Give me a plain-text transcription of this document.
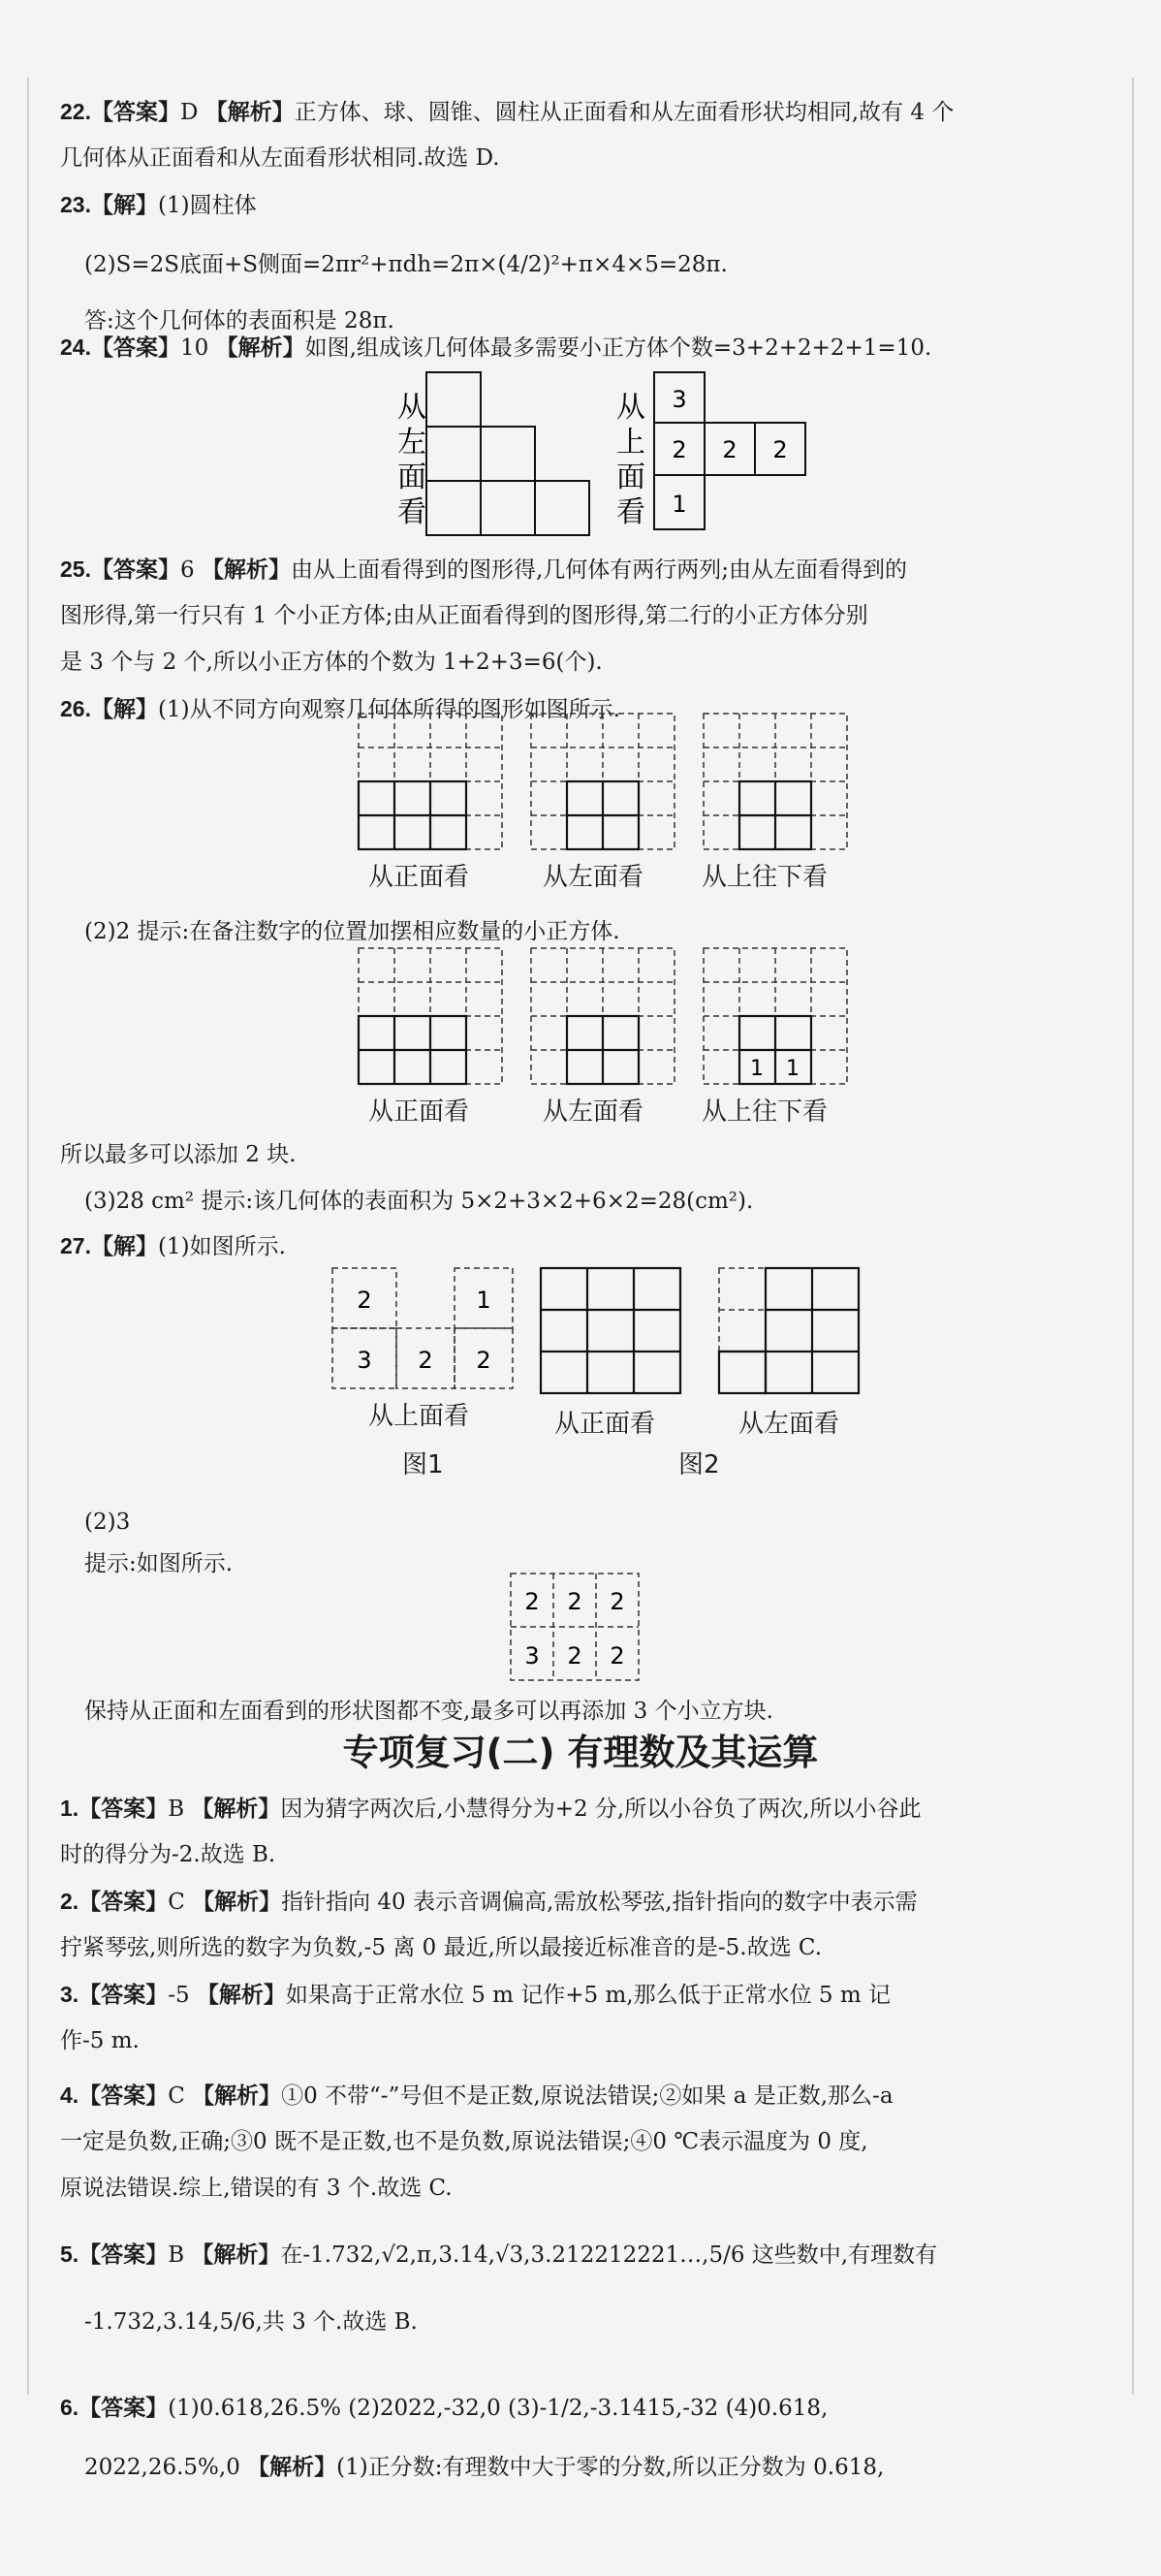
22.【答案】D 【解析】正方体、球、圆锥、圆柱从正面看和从左面看形状均相同,故有 4 个
几何体从正面看和从左面看形状相同.故选 D.
23.【解】(1)圆柱体
(2)S=2S底面+S侧面=2πr²+πdh=2π×(4/2)²+π×4×5=28π.
答:这个几何体的表面积是 28π.
24.【答案】10 【解析】如图,组成该几何体最多需要小正方体个数=3+2+2+2+1=10.
从
左
面
看
从
上
面
看
3
2 2 2
1
25.【答案】6 【解析】由从上面看得到的图形得,几何体有两行两列;由从左面看得到的
图形得,第一行只有 1 个小正方体;由从正面看得到的图形得,第二行的小正方体分别
是 3 个与 2 个,所以小正方体的个数为 1+2+3=6(个).
26.【解】(1)从不同方向观察几何体所得的图形如图所示.
从正面看	从左面看 从上往下看
(2)2 提示:在备注数字的位置加摆相应数量的小正方体.
1 1
从正面看	从左面看 从上往下看
所以最多可以添加 2 块.
(3)28 cm² 提示:该几何体的表面积为 5×2+3×2+6×2=28(cm²).
27.【解】(1)如图所示.
2	1
3 2 2
从上面看	从正面看	从左面看
图1	图2
(2)3
提示:如图所示.
2 2 2
3 2 2
保持从正面和左面看到的形状图都不变,最多可以再添加 3 个小立方块.
专项复习(二) 有理数及其运算
1.【答案】B 【解析】因为猜字两次后,小慧得分为+2 分,所以小谷负了两次,所以小谷此
时的得分为-2.故选 B.
2.【答案】C 【解析】指针指向 40 表示音调偏高,需放松琴弦,指针指向的数字中表示需
拧紧琴弦,则所选的数字为负数,-5 离 0 最近,所以最接近标准音的是-5.故选 C.
3.【答案】-5 【解析】如果高于正常水位 5 m 记作+5 m,那么低于正常水位 5 m 记
作-5 m.
4.【答案】C 【解析】①0 不带“-”号但不是正数,原说法错误;②如果 a 是正数,那么-a
一定是负数,正确;③0 既不是正数,也不是负数,原说法错误;④0 ℃表示温度为 0 度,
原说法错误.综上,错误的有 3 个.故选 C.
5.【答案】B 【解析】在-1.732,√2,π,3.14̇,√3,3.212212221…,5/6 这些数中,有理数有
-1.732,3.14̇,5/6,共 3 个.故选 B.
6.【答案】(1)0.618,26.5% (2)2022,-32,0 (3)-1/2,-3.1415,-32 (4)0.618,
2022,26.5%,0 【解析】(1)正分数:有理数中大于零的分数,所以正分数为 0.618,
